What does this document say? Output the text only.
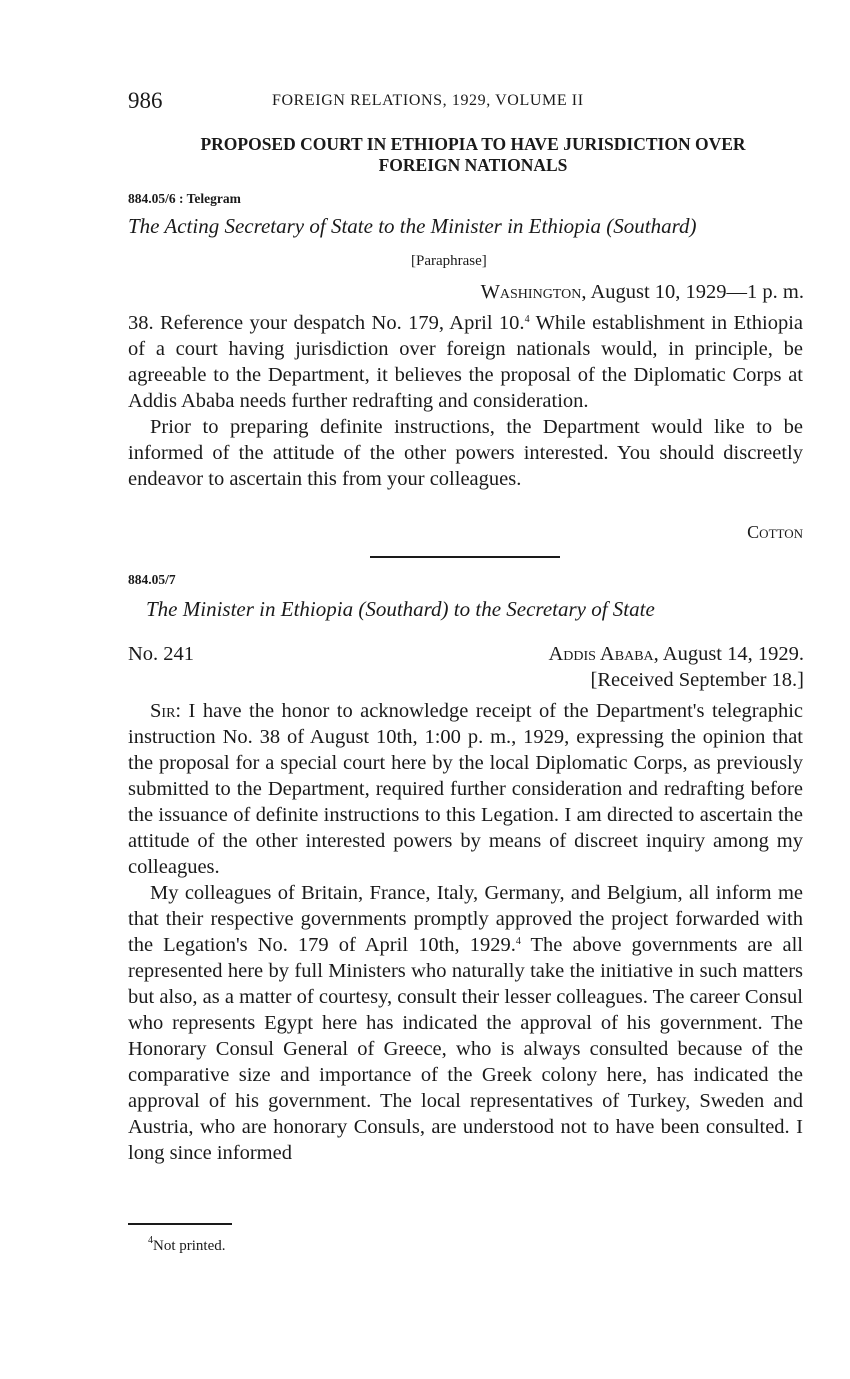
986	FOREIGN RELATIONS, 1929, VOLUME II
PROPOSED COURT IN ETHIOPIA TO HAVE JURISDICTION OVER
FOREIGN NATIONALS
884.05/6 : Telegram
The Acting Secretary of State to the Minister in Ethiopia (Southard)
[Paraphrase]
Washington, August 10, 1929—1 p. m.

38. Reference your despatch No. 179, April 10.$^4$ While establishment in Ethiopia of a court having jurisdiction over foreign nationals would, in principle, be agreeable to the Department, it believes the proposal of the Diplomatic Corps at Addis Ababa needs further redrafting and consideration.

Prior to preparing definite instructions, the Department would like to be informed of the attitude of the other powers interested. You should discreetly endeavor to ascertain this from your colleagues.

Cotton
884.05/7
The Minister in Ethiopia (Southard) to the Secretary of State
No. 241	Addis Ababa, August 14, 1929.
[Received September 18.]

Sir: I have the honor to acknowledge receipt of the Department's telegraphic instruction No. 38 of August 10th, 1:00 p. m., 1929, expressing the opinion that the proposal for a special court here by the local Diplomatic Corps, as previously submitted to the Department, required further consideration and redrafting before the issuance of definite instructions to this Legation. I am directed to ascertain the attitude of the other interested powers by means of discreet inquiry among my colleagues.

My colleagues of Britain, France, Italy, Germany, and Belgium, all inform me that their respective governments promptly approved the project forwarded with the Legation's No. 179 of April 10th, 1929.$^4$ The above governments are all represented here by full Ministers who naturally take the initiative in such matters but also, as a matter of courtesy, consult their lesser colleagues. The career Consul who represents Egypt here has indicated the approval of his government. The Honorary Consul General of Greece, who is always consulted because of the comparative size and importance of the Greek colony here, has indicated the approval of his government. The local representatives of Turkey, Sweden and Austria, who are honorary Consuls, are understood not to have been consulted. I long since informed

$^4$Not printed.
